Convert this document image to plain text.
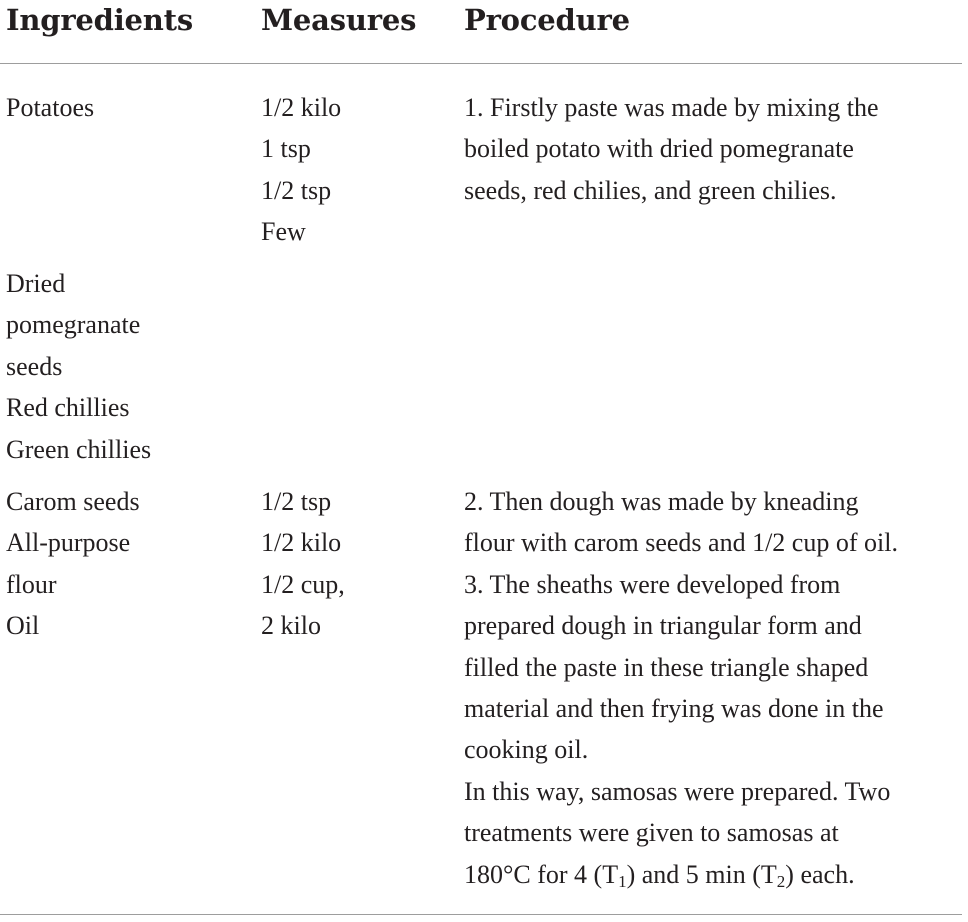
Ingredients	Measures	Procedure
Potatoes
Dried
pomegranate
seeds
Red chillies
Green chillies
1/2 kilo
1 tsp
1/2 tsp
Few
1. Firstly paste was made by mixing the
boiled potato with dried pomegranate
seeds, red chilies, and green chilies.
Carom seeds
All-purpose
flour
Oil
1/2 tsp
1/2 kilo
1/2 cup,
2 kilo
2. Then dough was made by kneading
flour with carom seeds and 1/2 cup of oil.
3. The sheaths were developed from
prepared dough in triangular form and
filled the paste in these triangle shaped
material and then frying was done in the
cooking oil.
In this way, samosas were prepared. Two
treatments were given to samosas at
180°C for 4 $(T_1)$ and 5 $\min (T_2)$ each.
